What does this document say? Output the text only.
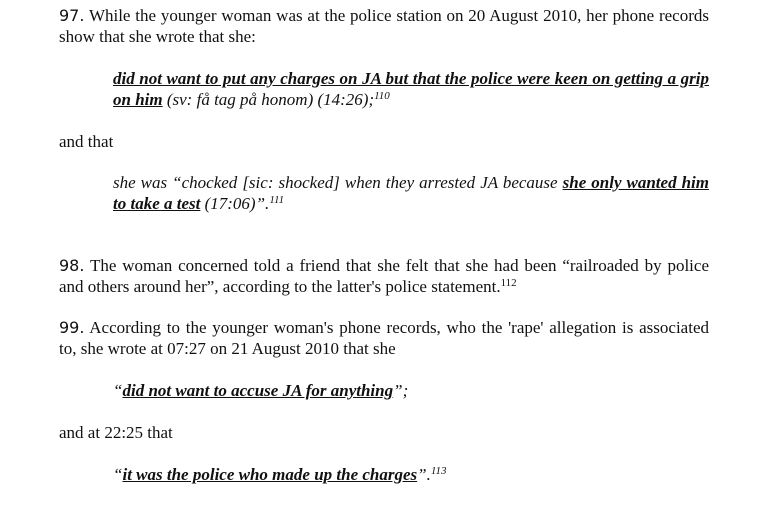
97. While the younger woman was at the police station on 20 August 2010, her phone records show that she wrote that she:

did not want to put any charges on JA but that the police were keen on getting a grip on him (sv: få tag på honom) (14:26);$^{110}$

and that

she was “chocked [sic: shocked] when they arrested JA because she only wanted him to take a test (17:06)”.$^{111}$

98. The woman concerned told a friend that she felt that she had been “railroaded by police and others around her”, according to the latter's police statement.$^{112}$

99. According to the younger woman's phone records, who the 'rape' allegation is associated to, she wrote at 07:27 on 21 August 2010 that she

“did not want to accuse JA for anything”;

and at 22:25 that

“it was the police who made up the charges”.$^{113}$
